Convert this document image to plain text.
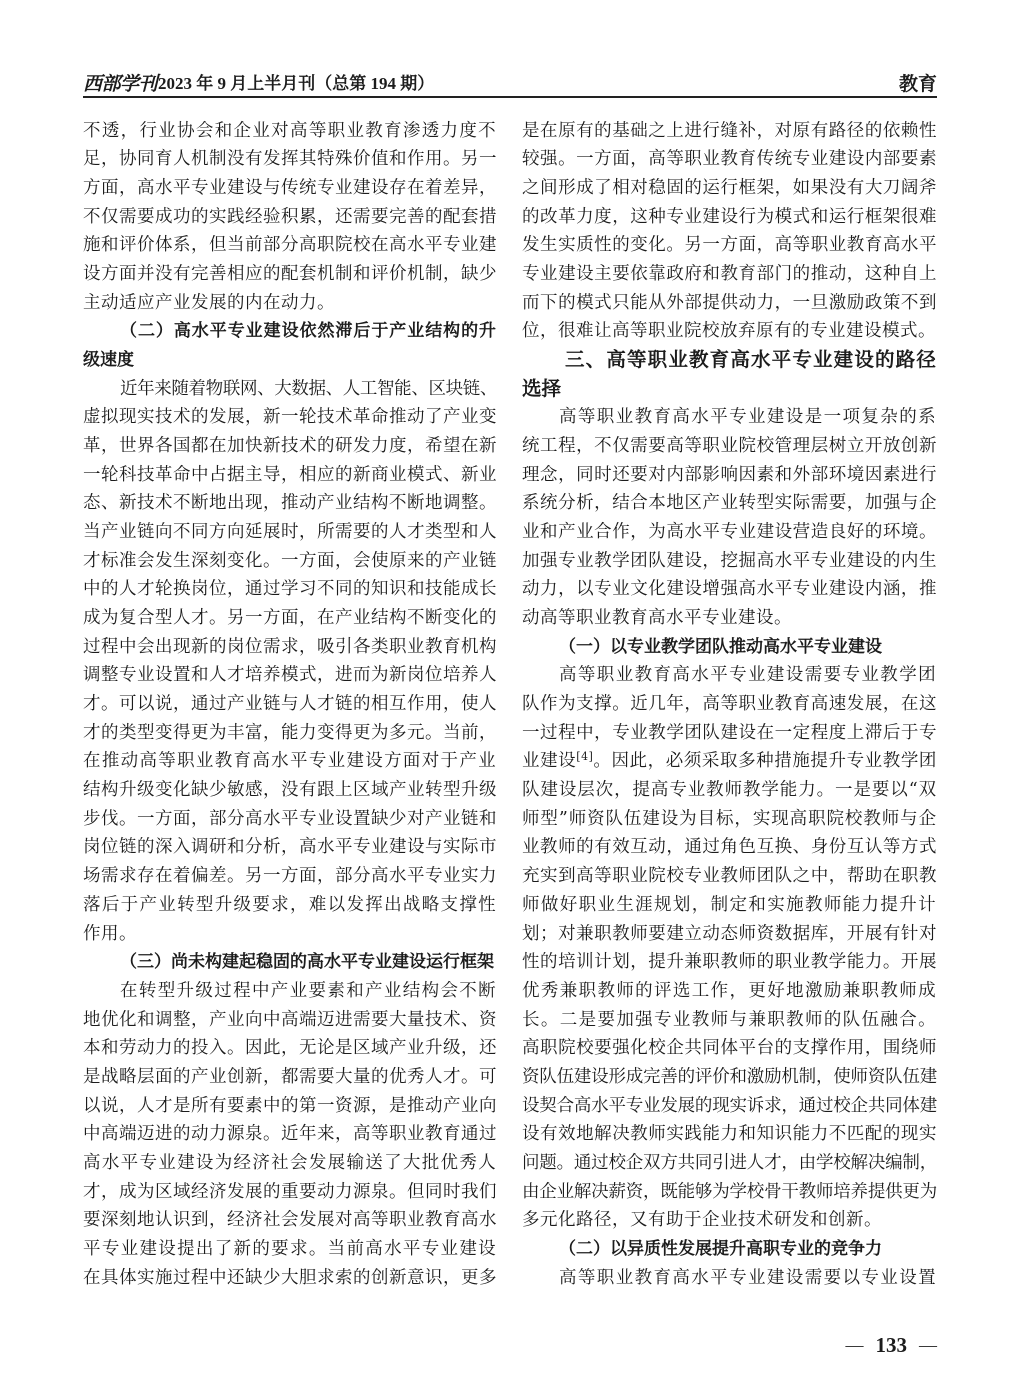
西部学刊 2023 年 9 月上半月刊（总第 194 期）	教育
不透，行业协会和企业对高等职业教育渗透力度不
足，协同育人机制没有发挥其特殊价值和作用。另一
方面，高水平专业建设与传统专业建设存在着差异，
不仅需要成功的实践经验积累，还需要完善的配套措
施和评价体系，但当前部分高职院校在高水平专业建
设方面并没有完善相应的配套机制和评价机制，缺少
主动适应产业发展的内在动力。
（二）高水平专业建设依然滞后于产业结构的升
级速度
近年来随着物联网、大数据、人工智能、区块链、
虚拟现实技术的发展，新一轮技术革命推动了产业变
革，世界各国都在加快新技术的研发力度，希望在新
一轮科技革命中占据主导，相应的新商业模式、新业
态、新技术不断地出现，推动产业结构不断地调整。
当产业链向不同方向延展时，所需要的人才类型和人
才标准会发生深刻变化。一方面，会使原来的产业链
中的人才轮换岗位，通过学习不同的知识和技能成长
成为复合型人才。另一方面，在产业结构不断变化的
过程中会出现新的岗位需求，吸引各类职业教育机构
调整专业设置和人才培养模式，进而为新岗位培养人
才。可以说，通过产业链与人才链的相互作用，使人
才的类型变得更为丰富，能力变得更为多元。当前，
在推动高等职业教育高水平专业建设方面对于产业
结构升级变化缺少敏感，没有跟上区域产业转型升级
步伐。一方面，部分高水平专业设置缺少对产业链和
岗位链的深入调研和分析，高水平专业建设与实际市
场需求存在着偏差。另一方面，部分高水平专业实力
落后于产业转型升级要求，难以发挥出战略支撑性
作用。
（三）尚未构建起稳固的高水平专业建设运行框架
在转型升级过程中产业要素和产业结构会不断
地优化和调整，产业向中高端迈进需要大量技术、资
本和劳动力的投入。因此，无论是区域产业升级，还
是战略层面的产业创新，都需要大量的优秀人才。可
以说，人才是所有要素中的第一资源，是推动产业向
中高端迈进的动力源泉。近年来，高等职业教育通过
高水平专业建设为经济社会发展输送了大批优秀人
才，成为区域经济发展的重要动力源泉。但同时我们
要深刻地认识到，经济社会发展对高等职业教育高水
平专业建设提出了新的要求。当前高水平专业建设
在具体实施过程中还缺少大胆求索的创新意识，更多
是在原有的基础之上进行缝补，对原有路径的依赖性
较强。一方面，高等职业教育传统专业建设内部要素
之间形成了相对稳固的运行框架，如果没有大刀阔斧
的改革力度，这种专业建设行为模式和运行框架很难
发生实质性的变化。另一方面，高等职业教育高水平
专业建设主要依靠政府和教育部门的推动，这种自上
而下的模式只能从外部提供动力，一旦激励政策不到
位，很难让高等职业院校放弃原有的专业建设模式。
三、高等职业教育高水平专业建设的路径
选择
高等职业教育高水平专业建设是一项复杂的系
统工程，不仅需要高等职业院校管理层树立开放创新
理念，同时还要对内部影响因素和外部环境因素进行
系统分析，结合本地区产业转型实际需要，加强与企
业和产业合作，为高水平专业建设营造良好的环境。
加强专业教学团队建设，挖掘高水平专业建设的内生
动力，以专业文化建设增强高水平专业建设内涵，推
动高等职业教育高水平专业建设。
（一）以专业教学团队推动高水平专业建设
高等职业教育高水平专业建设需要专业教学团
队作为支撑。近几年，高等职业教育高速发展，在这
一过程中，专业教学团队建设在一定程度上滞后于专
业建设[4]。因此，必须采取多种措施提升专业教学团
队建设层次，提高专业教师教学能力。一是要以“双
师型”师资队伍建设为目标，实现高职院校教师与企
业教师的有效互动，通过角色互换、身份互认等方式
充实到高等职业院校专业教师团队之中，帮助在职教
师做好职业生涯规划，制定和实施教师能力提升计
划；对兼职教师要建立动态师资数据库，开展有针对
性的培训计划，提升兼职教师的职业教学能力。开展
优秀兼职教师的评选工作，更好地激励兼职教师成
长。二是要加强专业教师与兼职教师的队伍融合。
高职院校要强化校企共同体平台的支撑作用，围绕师
资队伍建设形成完善的评价和激励机制，使师资队伍建
设契合高水平专业发展的现实诉求，通过校企共同体建
设有效地解决教师实践能力和知识能力不匹配的现实
问题。通过校企双方共同引进人才，由学校解决编制，
由企业解决薪资，既能够为学校骨干教师培养提供更为
多元化路径，又有助于企业技术研发和创新。
（二）以异质性发展提升高职专业的竞争力
高等职业教育高水平专业建设需要以专业设置
— 133 —
